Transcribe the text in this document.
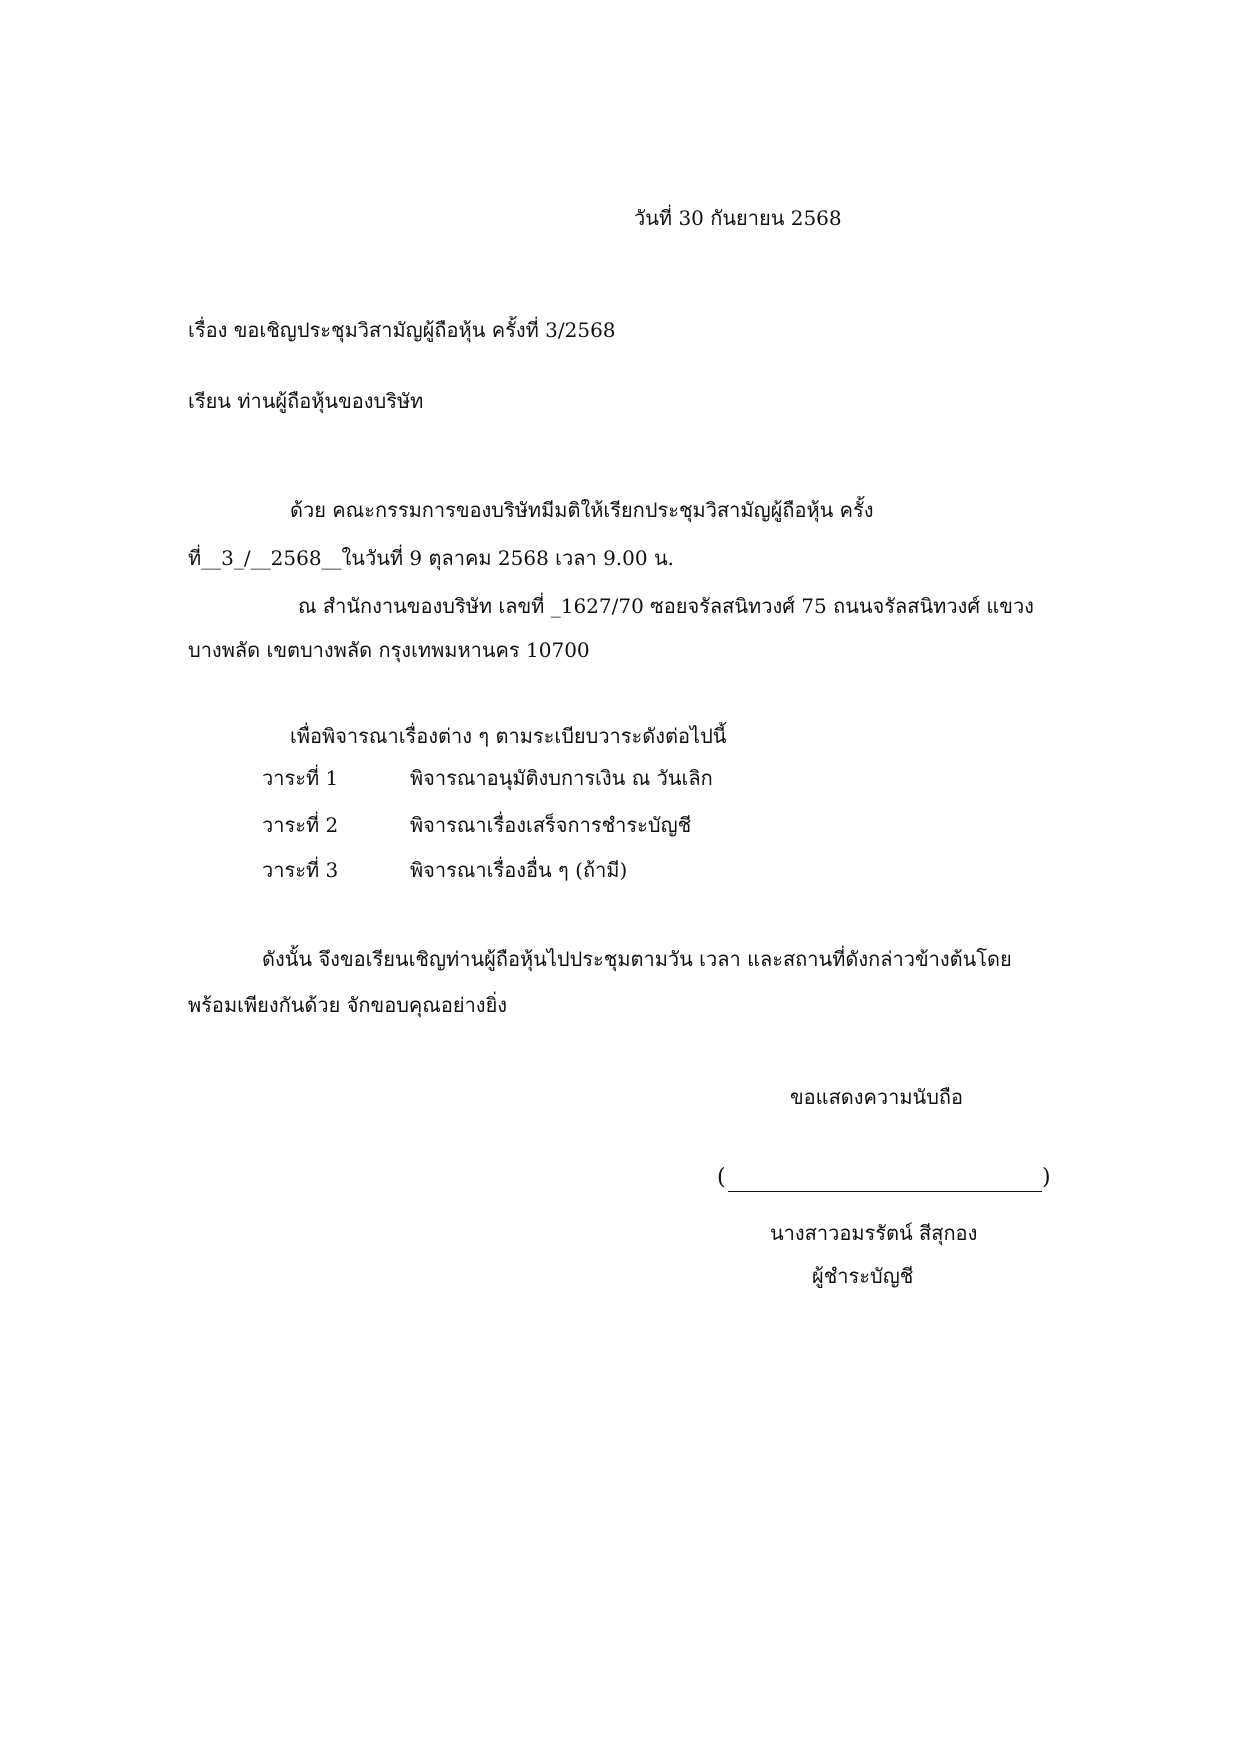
วันที่ 30 กันยายน 2568
เรื่อง ขอเชิญประชุมวิสามัญผู้ถือหุ้น ครั้งที่ 3/2568
เรียน ท่านผู้ถือหุ้นของบริษัท
ด้วย คณะกรรมการของบริษัทมีมติให้เรียกประชุมวิสามัญผู้ถือหุ้น ครั้ง
ที่__3_/__2568__ในวันที่ 9 ตุลาคม 2568 เวลา 9.00 น.
ณ สำนักงานของบริษัท เลขที่ _1627/70 ซอยจรัลสนิทวงศ์ 75 ถนนจรัลสนิทวงศ์ แขวง
บางพลัด เขตบางพลัด กรุงเทพมหานคร 10700
เพื่อพิจารณาเรื่องต่าง ๆ ตามระเบียบวาระดังต่อไปนี้
วาระที่ 1	พิจารณาอนุมัติงบการเงิน ณ วันเลิก
วาระที่ 2	พิจารณาเรื่องเสร็จการชำระบัญชี
วาระที่ 3	พิจารณาเรื่องอื่น ๆ (ถ้ามี)
ดังนั้น จึงขอเรียนเชิญท่านผู้ถือหุ้นไปประชุมตามวัน เวลา และสถานที่ดังกล่าวข้างต้นโดย
พร้อมเพียงกันด้วย จักขอบคุณอย่างยิ่ง
ขอแสดงความนับถือ
(	)
นางสาวอมรรัตน์ สีสุกอง
ผู้ชำระบัญชี
